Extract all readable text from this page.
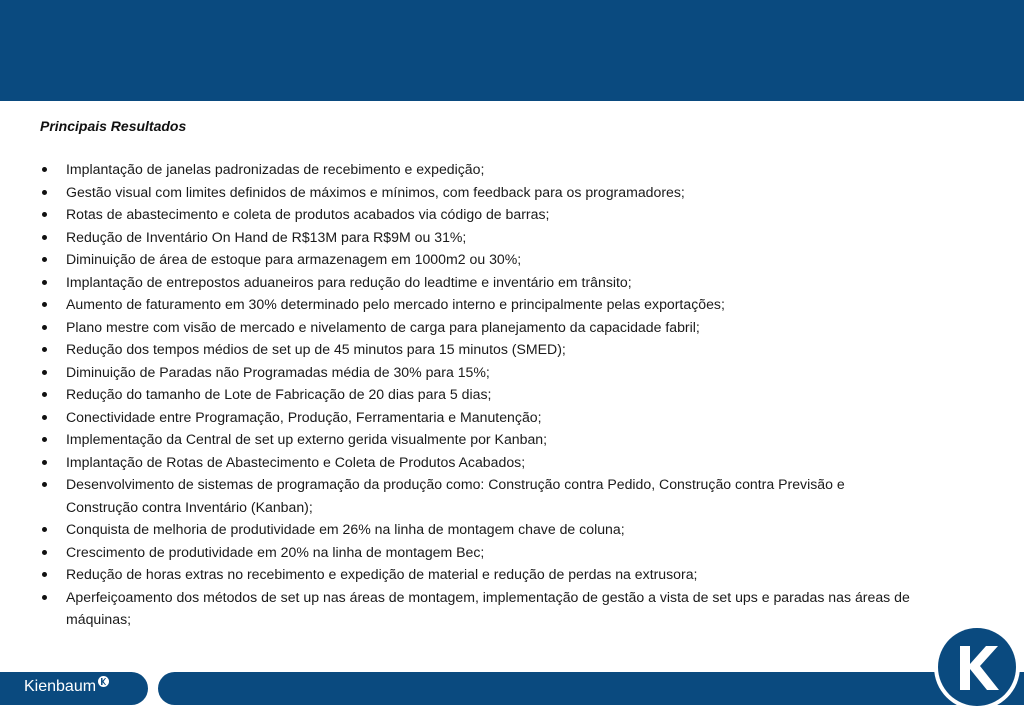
Principais Resultados
Implantação de janelas padronizadas de recebimento e expedição;
Gestão visual com limites definidos de máximos e mínimos, com feedback para os programadores;
Rotas de abastecimento e coleta de produtos acabados via código de barras;
Redução de Inventário On Hand de R$13M para R$9M ou 31%;
Diminuição de área de estoque para armazenagem em 1000m2 ou 30%;
Implantação de entrepostos aduaneiros para redução do leadtime e inventário em trânsito;
Aumento de faturamento em 30% determinado pelo mercado interno e principalmente pelas exportações;
Plano mestre com visão de mercado e nivelamento de carga para planejamento da capacidade fabril;
Redução dos tempos médios de set up de 45 minutos para 15 minutos (SMED);
Diminuição de Paradas não Programadas média de 30% para 15%;
Redução do tamanho de Lote de Fabricação de 20 dias para 5 dias;
Conectividade entre Programação, Produção, Ferramentaria e Manutenção;
Implementação da Central de set up externo gerida visualmente por Kanban;
Implantação de Rotas de Abastecimento e Coleta de Produtos Acabados;
Desenvolvimento de sistemas de programação da produção como: Construção contra Pedido, Construção contra Previsão e Construção contra Inventário (Kanban);
Conquista de melhoria de produtividade em 26% na linha de montagem chave de coluna;
Crescimento de produtividade em 20% na linha de montagem Bec;
Redução de horas extras no recebimento e expedição de material e redução de perdas na extrusora;
Aperfeiçoamento dos métodos de set up nas áreas de montagem, implementação de gestão a vista de set ups e paradas nas áreas de máquinas;
Kienbaum
